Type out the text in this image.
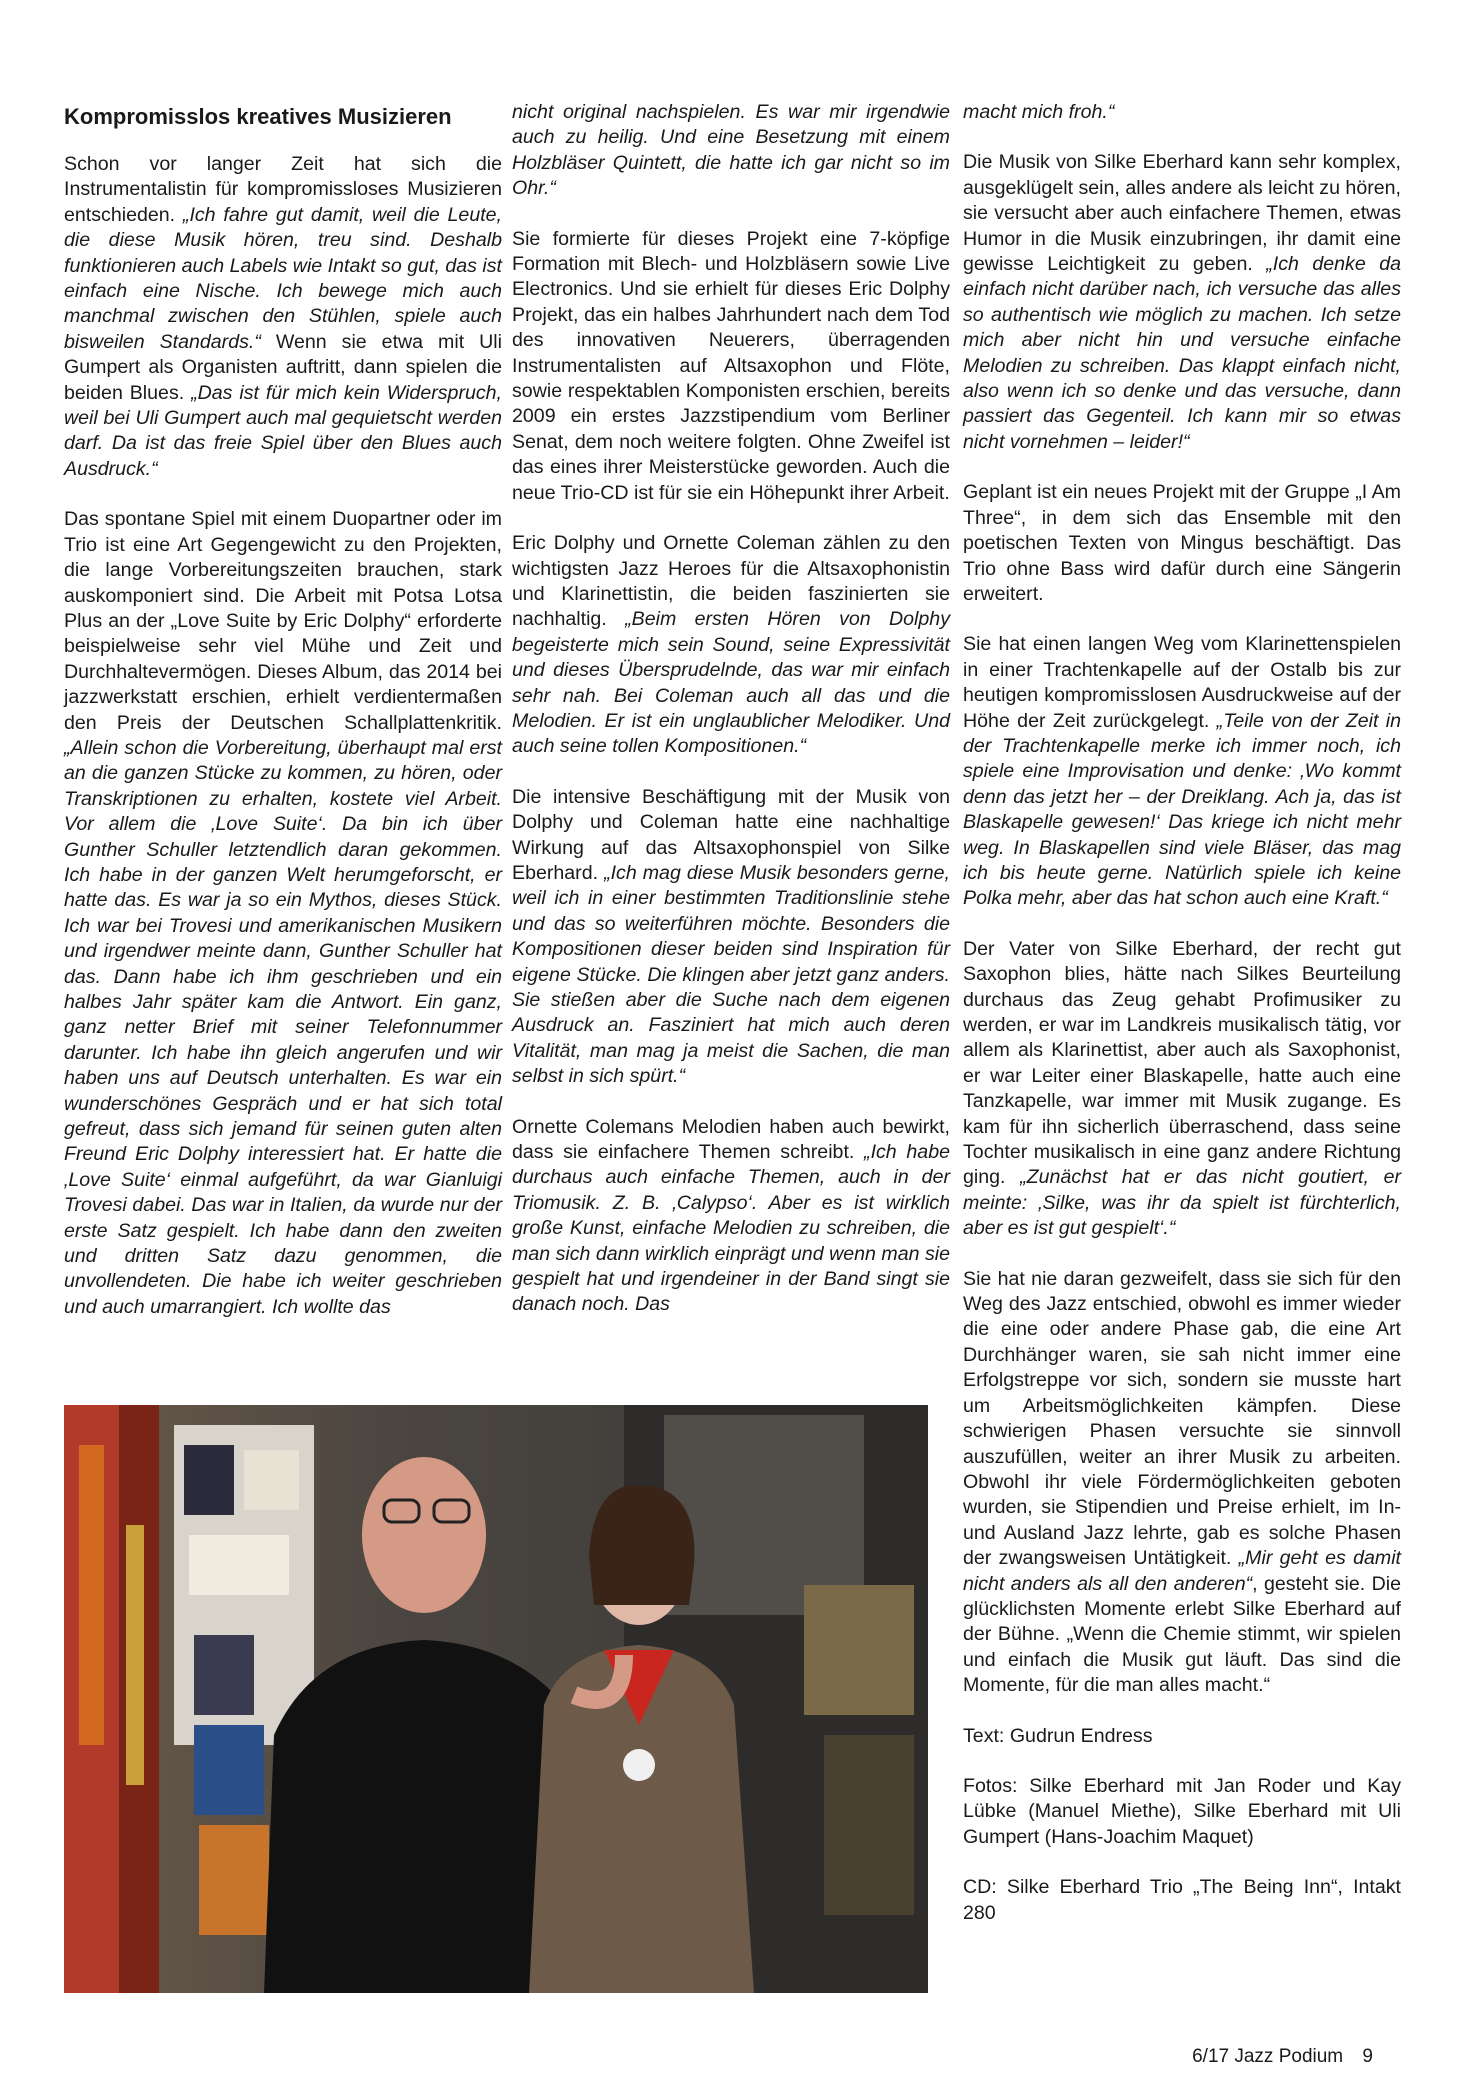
Kompromisslos kreatives Musizieren

Schon vor langer Zeit hat sich die Instrumentalistin für kompromissloses Musizieren entschieden. „Ich fahre gut damit, weil die Leute, die diese Musik hören, treu sind. Deshalb funktionieren auch Labels wie Intakt so gut, das ist einfach eine Nische. Ich bewege mich auch manchmal zwischen den Stühlen, spiele auch bisweilen Standards.“ Wenn sie etwa mit Uli Gumpert als Organisten auftritt, dann spielen die beiden Blues. „Das ist für mich kein Widerspruch, weil bei Uli Gumpert auch mal gequietscht werden darf. Da ist das freie Spiel über den Blues auch Ausdruck.“

Das spontane Spiel mit einem Duopartner oder im Trio ist eine Art Gegengewicht zu den Projekten, die lange Vorbereitungszeiten brauchen, stark auskomponiert sind. Die Arbeit mit Potsa Lotsa Plus an der „Love Suite by Eric Dolphy“ erforderte beispielweise sehr viel Mühe und Zeit und Durchhaltevermögen. Dieses Album, das 2014 bei jazzwerkstatt erschien, erhielt verdientermaßen den Preis der Deutschen Schallplattenkritik. „Allein schon die Vorbereitung, überhaupt mal erst an die ganzen Stücke zu kommen, zu hören, oder Transkriptionen zu erhalten, kostete viel Arbeit. Vor allem die ‚Love Suite‘. Da bin ich über Gunther Schuller letztendlich daran gekommen. Ich habe in der ganzen Welt herumgeforscht, er hatte das. Es war ja so ein Mythos, dieses Stück. Ich war bei Trovesi und amerikanischen Musikern und irgendwer meinte dann, Gunther Schuller hat das. Dann habe ich ihm geschrieben und ein halbes Jahr später kam die Antwort. Ein ganz, ganz netter Brief mit seiner Telefonnummer darunter. Ich habe ihn gleich angerufen und wir haben uns auf Deutsch unterhalten. Es war ein wunderschönes Gespräch und er hat sich total gefreut, dass sich jemand für seinen guten alten Freund Eric Dolphy interessiert hat. Er hatte die ‚Love Suite‘ einmal aufgeführt, da war Gianluigi Trovesi dabei. Das war in Italien, da wurde nur der erste Satz gespielt. Ich habe dann den zweiten und dritten Satz dazu genommen, die unvollendeten. Die habe ich weiter geschrieben und auch umarrangiert. Ich wollte das

nicht original nachspielen. Es war mir irgendwie auch zu heilig. Und eine Besetzung mit einem Holzbläser Quintett, die hatte ich gar nicht so im Ohr.“

Sie formierte für dieses Projekt eine 7-köpfige Formation mit Blech- und Holzbläsern sowie Live Electronics. Und sie erhielt für dieses Eric Dolphy Projekt, das ein halbes Jahrhundert nach dem Tod des innovativen Neuerers, überragenden Instrumentalisten auf Altsaxophon und Flöte, sowie respektablen Komponisten erschien, bereits 2009 ein erstes Jazzstipendium vom Berliner Senat, dem noch weitere folgten. Ohne Zweifel ist das eines ihrer Meisterstücke geworden. Auch die neue Trio-CD ist für sie ein Höhepunkt ihrer Arbeit.

Eric Dolphy und Ornette Coleman zählen zu den wichtigsten Jazz Heroes für die Altsaxophonistin und Klarinettistin, die beiden faszinierten sie nachhaltig. „Beim ersten Hören von Dolphy begeisterte mich sein Sound, seine Expressivität und dieses Übersprudelnde, das war mir einfach sehr nah. Bei Coleman auch all das und die Melodien. Er ist ein unglaublicher Melodiker. Und auch seine tollen Kompositionen.“

Die intensive Beschäftigung mit der Musik von Dolphy und Coleman hatte eine nachhaltige Wirkung auf das Altsaxophonspiel von Silke Eberhard. „Ich mag diese Musik besonders gerne, weil ich in einer bestimmten Traditionslinie stehe und das so weiterführen möchte. Besonders die Kompositionen dieser beiden sind Inspiration für eigene Stücke. Die klingen aber jetzt ganz anders. Sie stießen aber die Suche nach dem eigenen Ausdruck an. Fasziniert hat mich auch deren Vitalität, man mag ja meist die Sachen, die man selbst in sich spürt.“

Ornette Colemans Melodien haben auch bewirkt, dass sie einfachere Themen schreibt. „Ich habe durchaus auch einfache Themen, auch in der Triomusik. Z. B. ‚Calypso‘. Aber es ist wirklich große Kunst, einfache Melodien zu schreiben, die man sich dann wirklich einprägt und wenn man sie gespielt hat und irgendeiner in der Band singt sie danach noch. Das

macht mich froh.“

Die Musik von Silke Eberhard kann sehr komplex, ausgeklügelt sein, alles andere als leicht zu hören, sie versucht aber auch einfachere Themen, etwas Humor in die Musik einzubringen, ihr damit eine gewisse Leichtigkeit zu geben. „Ich denke da einfach nicht darüber nach, ich versuche das alles so authentisch wie möglich zu machen. Ich setze mich aber nicht hin und versuche einfache Melodien zu schreiben. Das klappt einfach nicht, also wenn ich so denke und das versuche, dann passiert das Gegenteil. Ich kann mir so etwas nicht vornehmen – leider!“

Geplant ist ein neues Projekt mit der Gruppe „I Am Three“, in dem sich das Ensemble mit den poetischen Texten von Mingus beschäftigt. Das Trio ohne Bass wird dafür durch eine Sängerin erweitert.

Sie hat einen langen Weg vom Klarinettenspielen in einer Trachtenkapelle auf der Ostalb bis zur heutigen kompromisslosen Ausdruckweise auf der Höhe der Zeit zurückgelegt. „Teile von der Zeit in der Trachtenkapelle merke ich immer noch, ich spiele eine Improvisation und denke: ‚Wo kommt denn das jetzt her – der Dreiklang. Ach ja, das ist Blaskapelle gewesen!‘ Das kriege ich nicht mehr weg. In Blaskapellen sind viele Bläser, das mag ich bis heute gerne. Natürlich spiele ich keine Polka mehr, aber das hat schon auch eine Kraft.“

Der Vater von Silke Eberhard, der recht gut Saxophon blies, hätte nach Silkes Beurteilung durchaus das Zeug gehabt Profimusiker zu werden, er war im Landkreis musikalisch tätig, vor allem als Klarinettist, aber auch als Saxophonist, er war Leiter einer Blaskapelle, hatte auch eine Tanzkapelle, war immer mit Musik zugange. Es kam für ihn sicherlich überraschend, dass seine Tochter musikalisch in eine ganz andere Richtung ging. „Zunächst hat er das nicht goutiert, er meinte: ‚Silke, was ihr da spielt ist fürchterlich, aber es ist gut gespielt‘.“

Sie hat nie daran gezweifelt, dass sie sich für den Weg des Jazz entschied, obwohl es immer wieder die eine oder andere Phase gab, die eine Art Durchhänger waren, sie sah nicht immer eine Erfolgstreppe vor sich, sondern sie musste hart um Arbeitsmöglichkeiten kämpfen. Diese schwierigen Phasen versuchte sie sinnvoll auszufüllen, weiter an ihrer Musik zu arbeiten. Obwohl ihr viele Fördermöglichkeiten geboten wurden, sie Stipendien und Preise erhielt, im In- und Ausland Jazz lehrte, gab es solche Phasen der zwangsweisen Untätigkeit. „Mir geht es damit nicht anders als all den anderen“, gesteht sie. Die glücklichsten Momente erlebt Silke Eberhard auf der Bühne. „Wenn die Chemie stimmt, wir spielen und einfach die Musik gut läuft. Das sind die Momente, für die man alles macht.“

Text: Gudrun Endress

Fotos: Silke Eberhard mit Jan Roder und Kay Lübke (Manuel Miethe), Silke Eberhard mit Uli Gumpert (Hans-Joachim Maquet)

CD: Silke Eberhard Trio „The Being Inn“, Intakt 280

6/17 Jazz Podium 9
